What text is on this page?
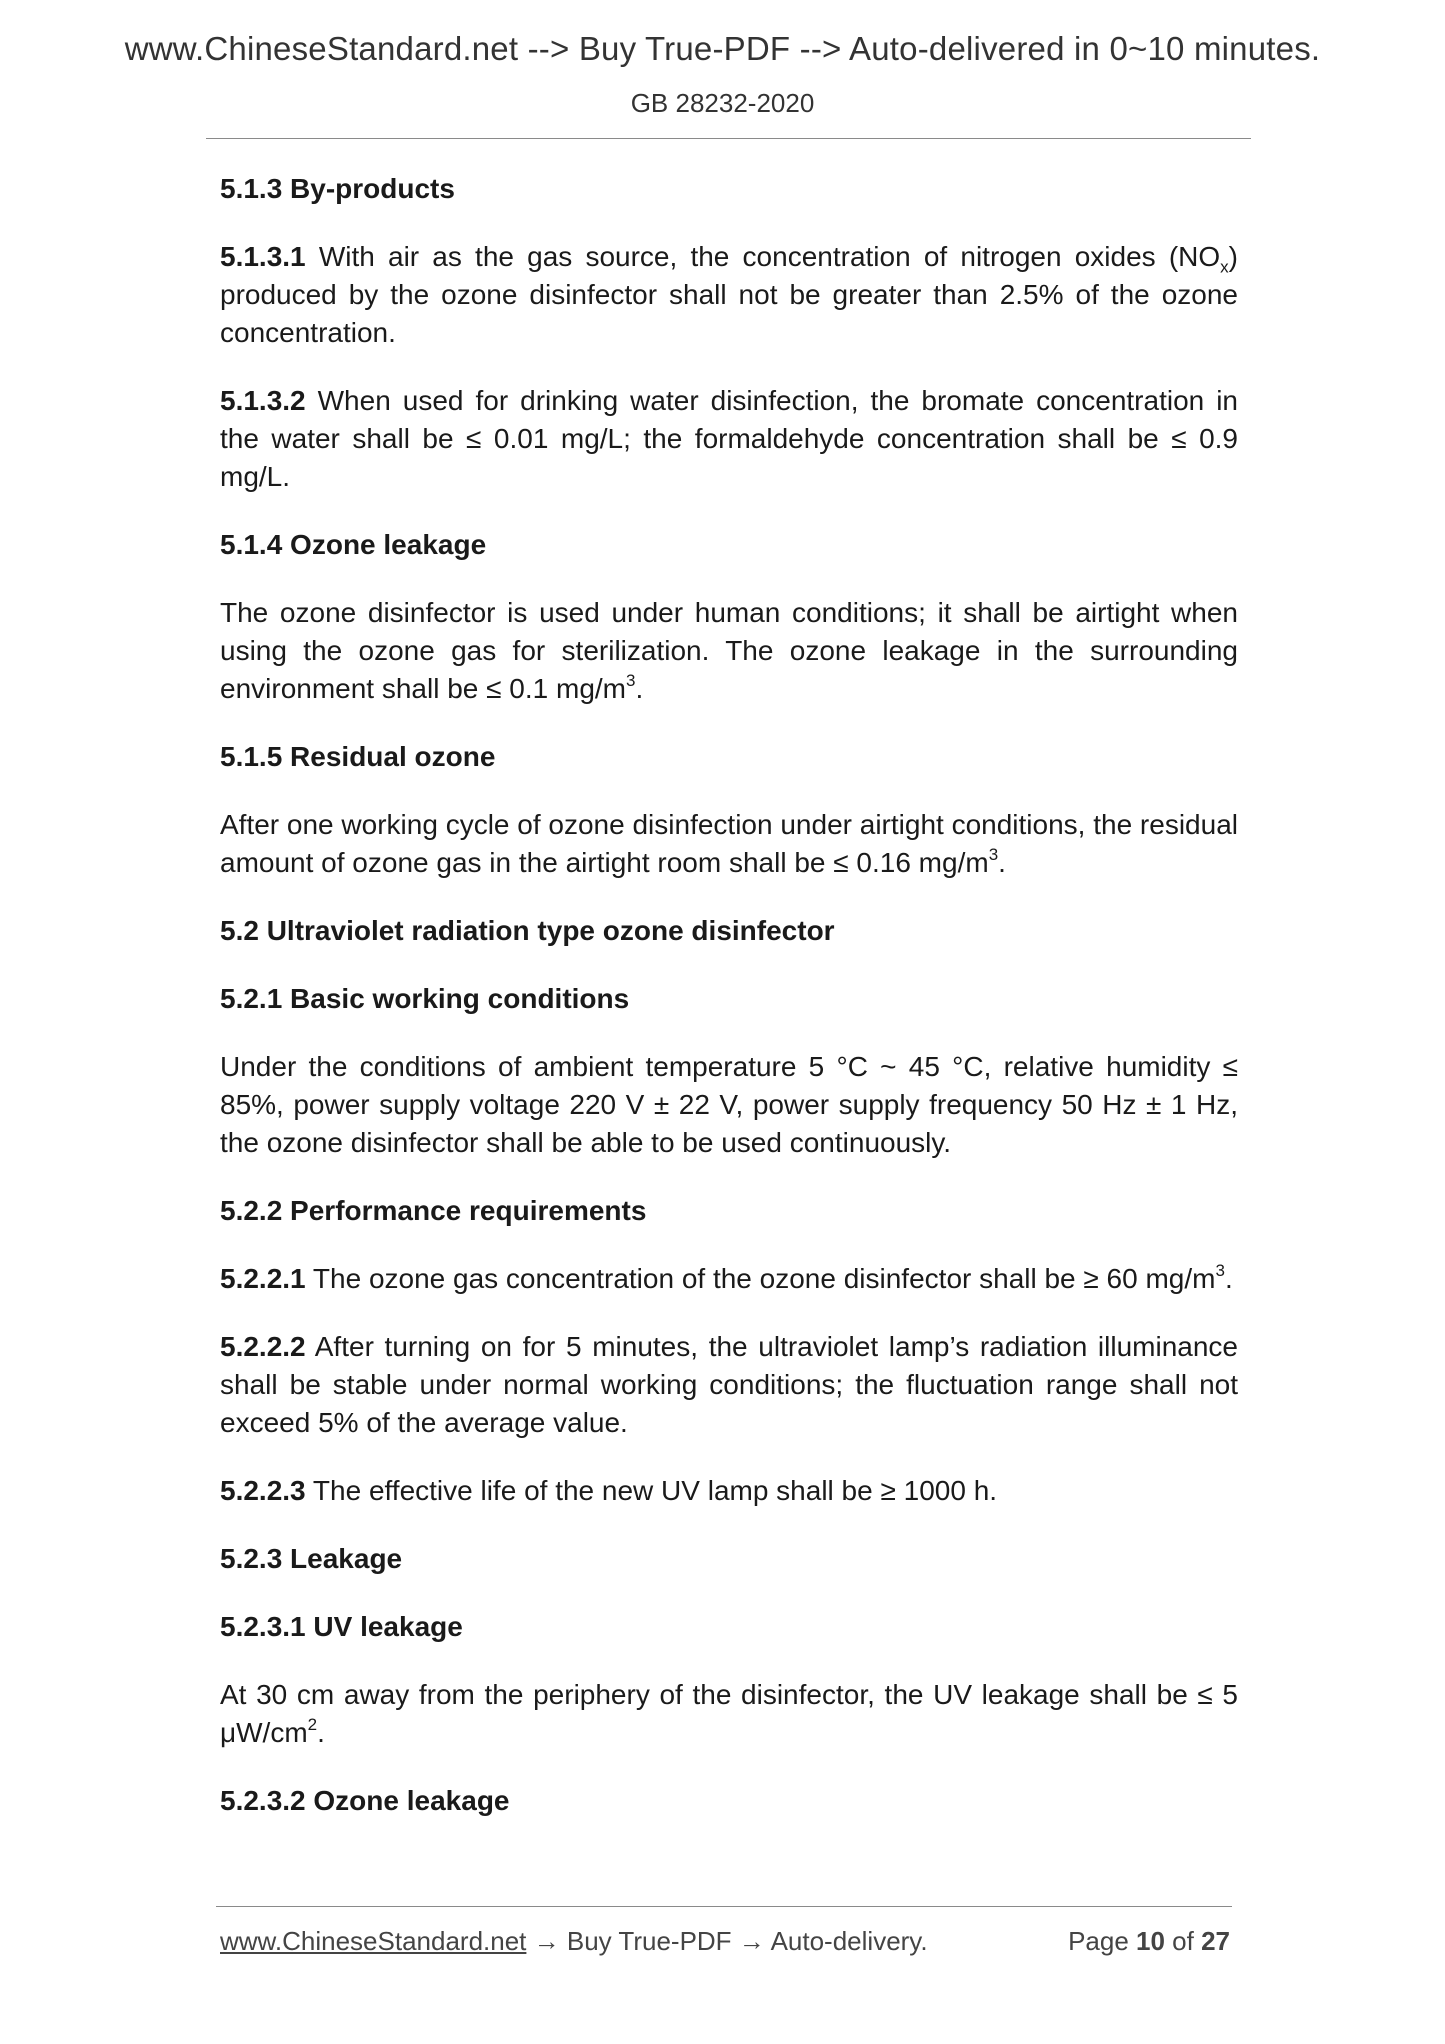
www.ChineseStandard.net --> Buy True-PDF --> Auto-delivered in 0~10 minutes.
GB 28232-2020
5.1.3 By-products
5.1.3.1 With air as the gas source, the concentration of nitrogen oxides $(NO_x)$ produced by the ozone disinfector shall not be greater than 2.5% of the ozone concentration.
5.1.3.2 When used for drinking water disinfection, the bromate concentration in the water shall be ≤ 0.01 mg/L; the formaldehyde concentration shall be ≤ 0.9 mg/L.
5.1.4 Ozone leakage
The ozone disinfector is used under human conditions; it shall be airtight when using the ozone gas for sterilization. The ozone leakage in the surrounding environment shall be ≤ 0.1 $mg/m^3$.
5.1.5 Residual ozone
After one working cycle of ozone disinfection under airtight conditions, the residual amount of ozone gas in the airtight room shall be ≤ 0.16 $mg/m^3$.
5.2 Ultraviolet radiation type ozone disinfector
5.2.1 Basic working conditions
Under the conditions of ambient temperature 5 °C ~ 45 °C, relative humidity ≤ 85%, power supply voltage 220 V ± 22 V, power supply frequency 50 Hz ± 1 Hz, the ozone disinfector shall be able to be used continuously.
5.2.2 Performance requirements
5.2.2.1 The ozone gas concentration of the ozone disinfector shall be ≥ 60 $mg/m^3$.
5.2.2.2 After turning on for 5 minutes, the ultraviolet lamp’s radiation illuminance shall be stable under normal working conditions; the fluctuation range shall not exceed 5% of the average value.
5.2.2.3 The effective life of the new UV lamp shall be ≥ 1000 h.
5.2.3 Leakage
5.2.3.1 UV leakage
At 30 cm away from the periphery of the disinfector, the UV leakage shall be ≤ 5 $\mu W/cm^2$.
5.2.3.2 Ozone leakage
www.ChineseStandard.net → Buy True-PDF → Auto-delivery.	Page 10 of 27
